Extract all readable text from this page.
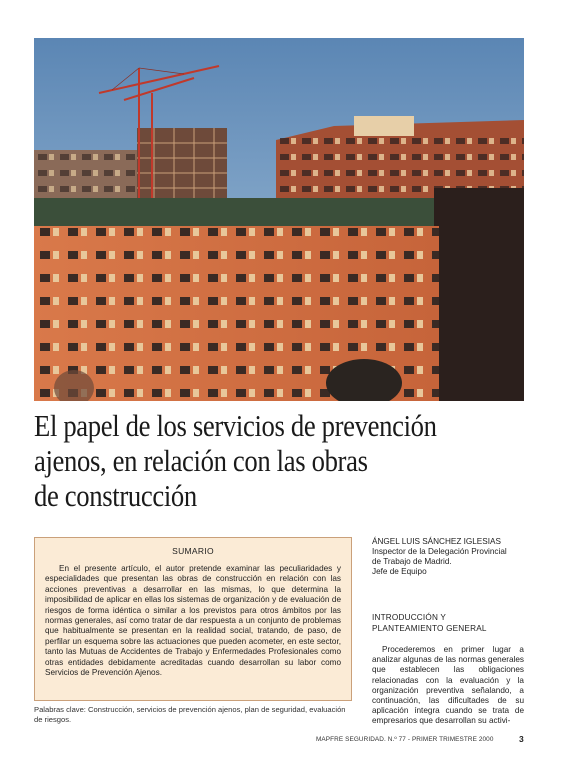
El papel de los servicios de prevención
ajenos, en relación con las obras
de construcción
SUMARIO
En el presente artículo, el autor pretende examinar las peculiaridades y especialidades que presentan las obras de construcción en relación con las acciones preventivas a desarrollar en las mismas, lo que determina la imposibilidad de aplicar en ellas los sistemas de organización y de evaluación de riesgos de forma idéntica o similar a los previstos para otros ámbitos por las normas generales, así como tratar de dar respuesta a un conjunto de problemas que habitualmente se presentan en la realidad social, tratando, de paso, de perfilar un esquema sobre las actuaciones que pueden acometer, en este sector, tanto las Mutuas de Accidentes de Trabajo y Enfermedades Profesionales como otras entidades debidamente acreditadas cuando desarrollan su labor como Servicios de Prevención Ajenos.
Palabras clave: Construcción, servicios de prevención ajenos, plan de seguridad, evaluación de riesgos.
ÁNGEL LUIS SÁNCHEZ IGLESIAS
Inspector de la Delegación Provincial
de Trabajo de Madrid.
Jefe de Equipo
INTRODUCCIÓN Y
PLANTEAMIENTO GENERAL
Procederemos en primer lugar a analizar algunas de las normas generales que establecen las obligaciones relacionadas con la evaluación y la organización preventiva señalando, a continuación, las dificultades de su aplicación íntegra cuando se trata de empresarios que desarrollan su activi-
MAPFRE SEGURIDAD. N.º 77 - PRIMER TRIMESTRE 2000	3
